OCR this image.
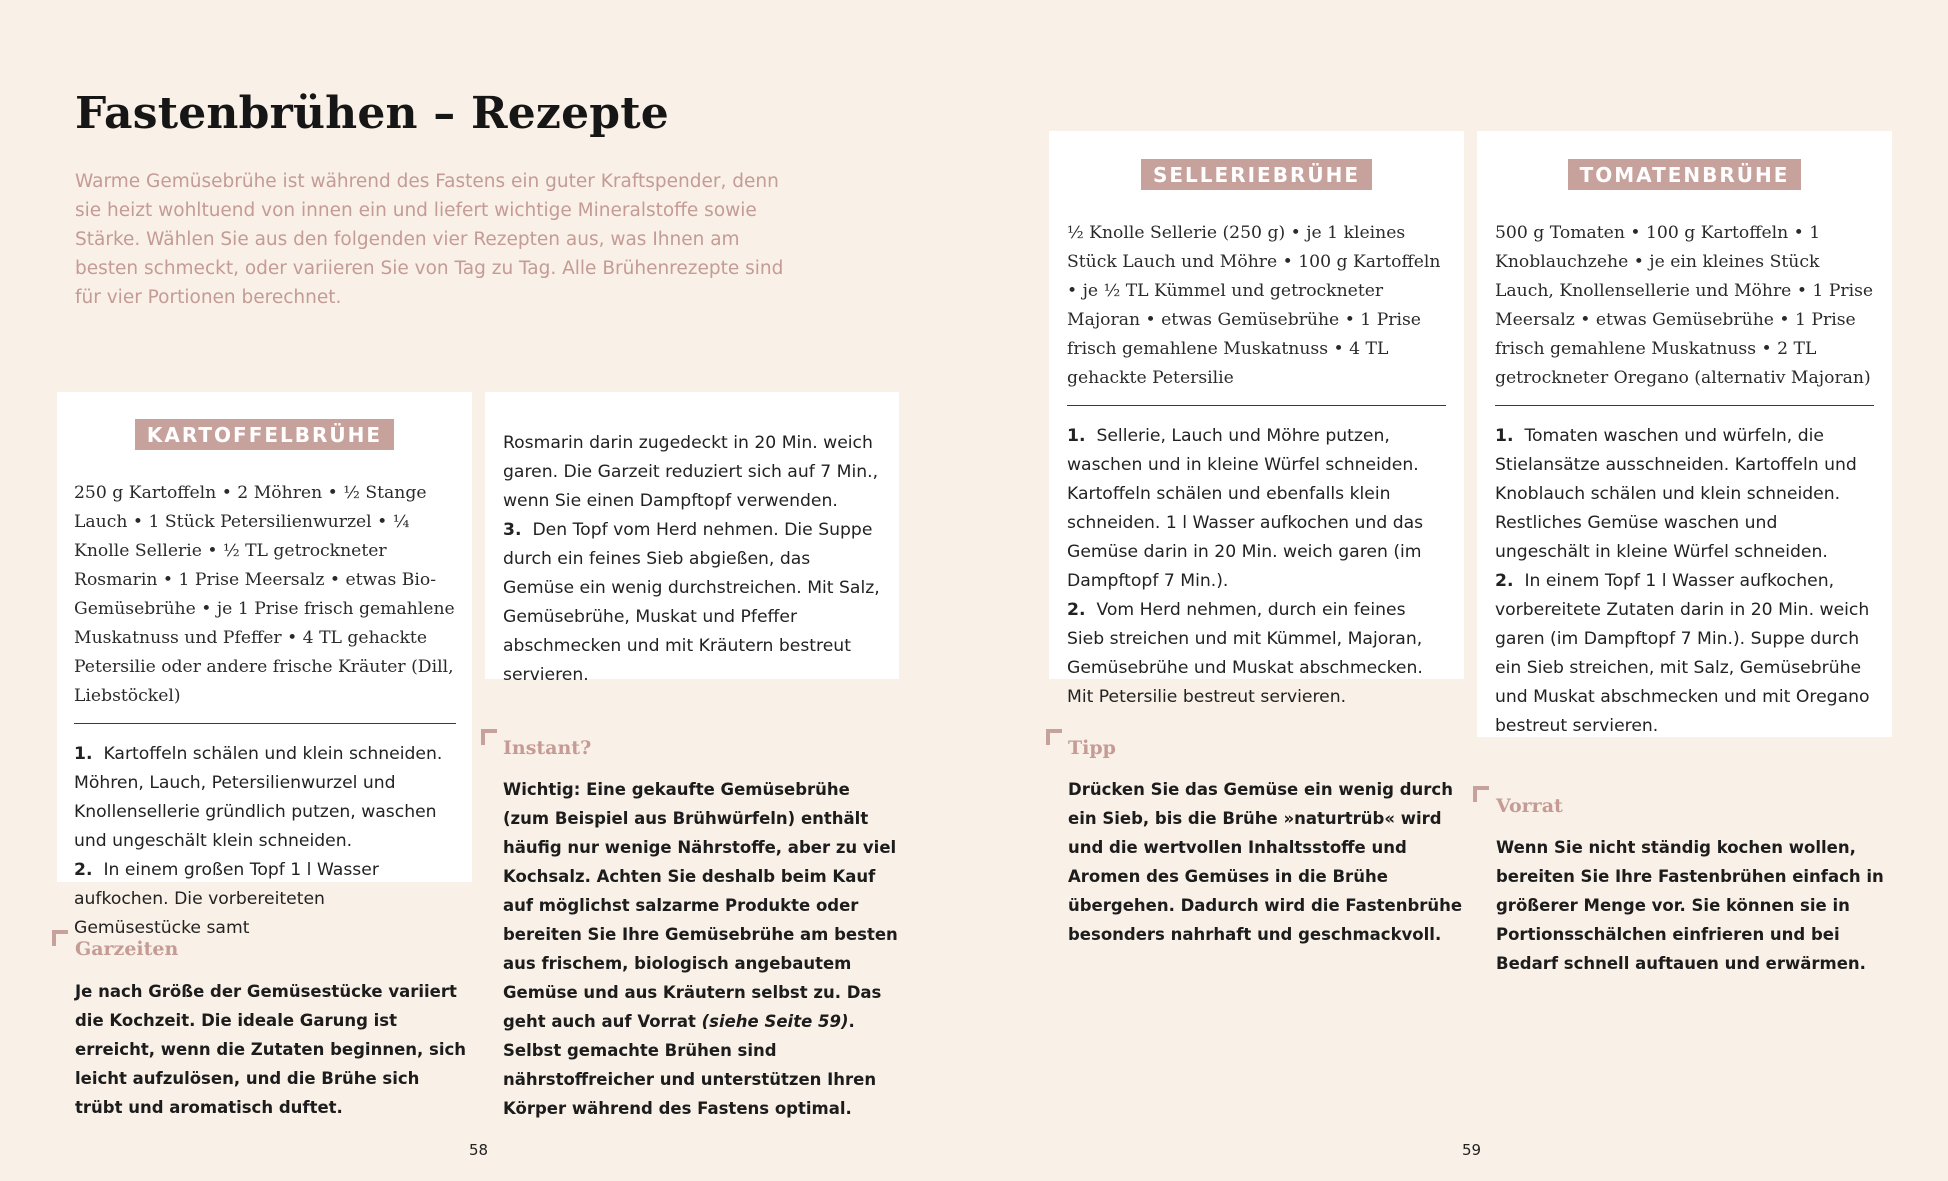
Fastenbrühen – Rezepte
Warme Gemüsebrühe ist während des Fastens ein guter Kraftspender, denn sie heizt wohltuend von innen ein und liefert wichtige Mineralstoffe sowie Stärke. Wählen Sie aus den folgenden vier Rezepten aus, was Ihnen am besten schmeckt, oder variieren Sie von Tag zu Tag. Alle Brühenrezepte sind für vier Portionen berechnet.
KARTOFFELBRÜHE
250 g Kartoffeln • 2 Möhren • ½ Stange Lauch • 1 Stück Petersilienwurzel • ¼ Knolle Sellerie • ½ TL getrockneter Rosmarin • 1 Prise Meersalz • etwas Bio-Gemüsebrühe • je 1 Prise frisch gemahlene Muskatnuss und Pfeffer • 4 TL gehackte Petersilie oder andere frische Kräuter (Dill, Liebstöckel)
1. Kartoffeln schälen und klein schneiden. Möhren, Lauch, Petersilienwurzel und Knollensellerie gründlich putzen, waschen und ungeschält klein schneiden.
2. In einem großen Topf 1 l Wasser aufkochen. Die vorbereiteten Gemüsestücke samt
Rosmarin darin zugedeckt in 20 Min. weich garen. Die Garzeit reduziert sich auf 7 Min., wenn Sie einen Dampftopf verwenden.
3. Den Topf vom Herd nehmen. Die Suppe durch ein feines Sieb abgießen, das Gemüse ein wenig durchstreichen. Mit Salz, Gemüsebrühe, Muskat und Pfeffer abschmecken und mit Kräutern bestreut servieren.
SELLERIEBRÜHE
½ Knolle Sellerie (250 g) • je 1 kleines Stück Lauch und Möhre • 100 g Kartoffeln • je ½ TL Kümmel und getrockneter Majoran • etwas Gemüsebrühe • 1 Prise frisch gemahlene Muskatnuss • 4 TL gehackte Petersilie
1. Sellerie, Lauch und Möhre putzen, waschen und in kleine Würfel schneiden. Kartoffeln schälen und ebenfalls klein schneiden. 1 l Wasser aufkochen und das Gemüse darin in 20 Min. weich garen (im Dampftopf 7 Min.).
2. Vom Herd nehmen, durch ein feines Sieb streichen und mit Kümmel, Majoran, Gemüsebrühe und Muskat abschmecken. Mit Petersilie bestreut servieren.
TOMATENBRÜHE
500 g Tomaten • 100 g Kartoffeln • 1 Knoblauchzehe • je ein kleines Stück Lauch, Knollensellerie und Möhre • 1 Prise Meersalz • etwas Gemüsebrühe • 1 Prise frisch gemahlene Muskatnuss • 2 TL getrockneter Oregano (alternativ Majoran)
1. Tomaten waschen und würfeln, die Stielansätze ausschneiden. Kartoffeln und Knoblauch schälen und klein schneiden. Restliches Gemüse waschen und ungeschält in kleine Würfel schneiden.
2. In einem Topf 1 l Wasser aufkochen, vorbereitete Zutaten darin in 20 Min. weich garen (im Dampftopf 7 Min.). Suppe durch ein Sieb streichen, mit Salz, Gemüsebrühe und Muskat abschmecken und mit Oregano bestreut servieren.
Garzeiten
Je nach Größe der Gemüsestücke variiert die Kochzeit. Die ideale Garung ist erreicht, wenn die Zutaten beginnen, sich leicht aufzulösen, und die Brühe sich trübt und aromatisch duftet.
Instant?
Wichtig: Eine gekaufte Gemüsebrühe (zum Beispiel aus Brühwürfeln) enthält häufig nur wenige Nährstoffe, aber zu viel Kochsalz. Achten Sie deshalb beim Kauf auf möglichst salzarme Produkte oder bereiten Sie Ihre Gemüsebrühe am besten aus frischem, biologisch angebautem Gemüse und aus Kräutern selbst zu. Das geht auch auf Vorrat (siehe Seite 59). Selbst gemachte Brühen sind nährstoffreicher und unterstützen Ihren Körper während des Fastens optimal.
Tipp
Drücken Sie das Gemüse ein wenig durch ein Sieb, bis die Brühe »naturtrüb« wird und die wertvollen Inhaltsstoffe und Aromen des Gemüses in die Brühe übergehen. Dadurch wird die Fastenbrühe besonders nahrhaft und geschmackvoll.
Vorrat
Wenn Sie nicht ständig kochen wollen, bereiten Sie Ihre Fastenbrühen einfach in größerer Menge vor. Sie können sie in Portionsschälchen einfrieren und bei Bedarf schnell auftauen und erwärmen.
58	59
